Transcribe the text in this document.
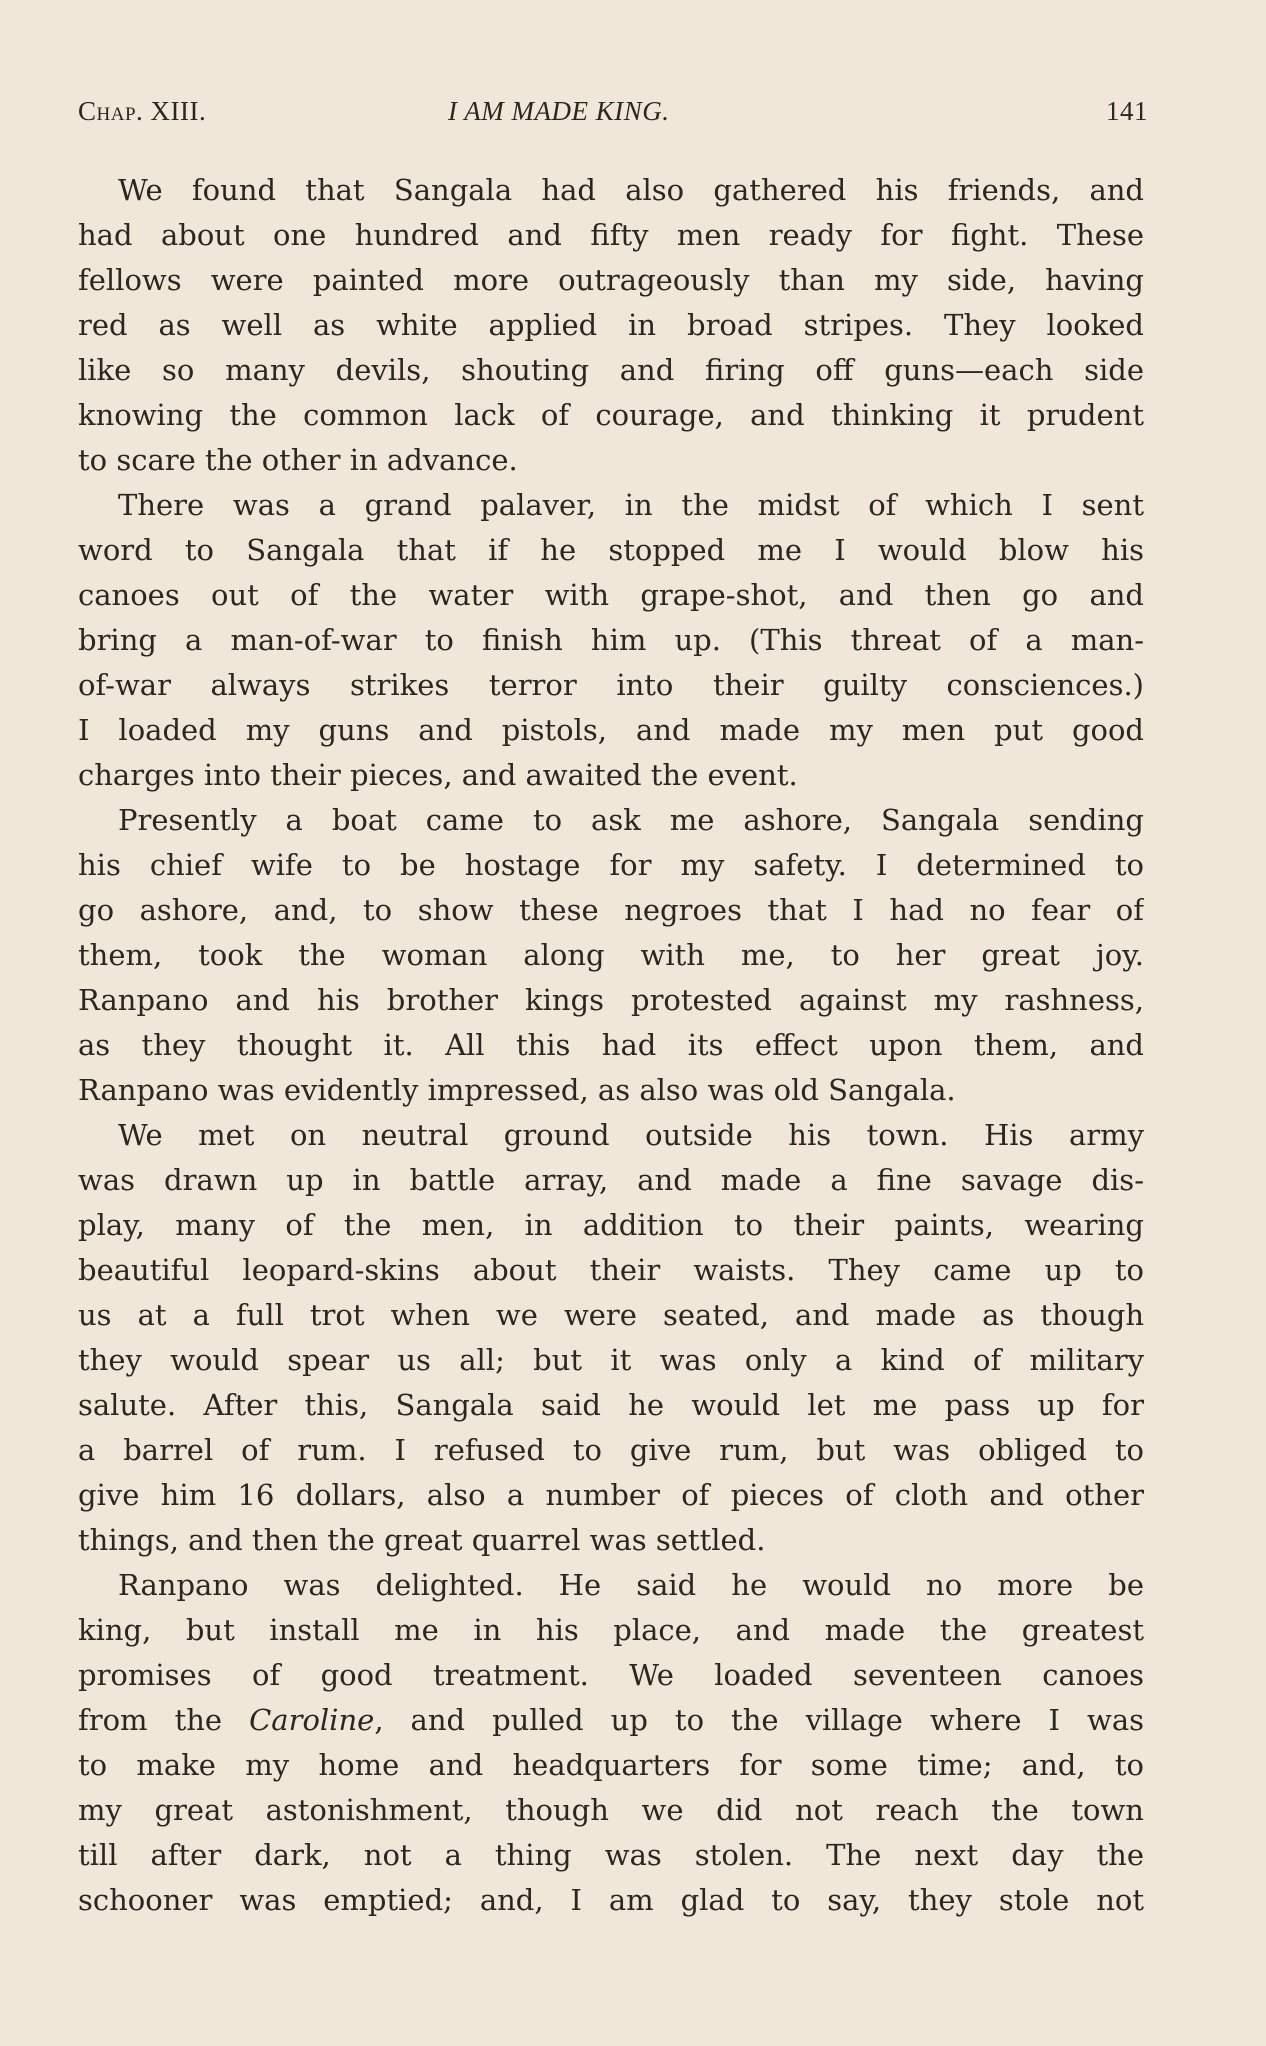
Chap. XIII.	I AM MADE KING.	141
We found that Sangala had also gathered his friends, and
had about one hundred and fifty men ready for fight. These
fellows were painted more outrageously than my side, having
red as well as white applied in broad stripes. They looked
like so many devils, shouting and firing off guns—each side
knowing the common lack of courage, and thinking it prudent
to scare the other in advance.
There was a grand palaver, in the midst of which I sent
word to Sangala that if he stopped me I would blow his
canoes out of the water with grape-shot, and then go and
bring a man-of-war to finish him up. (This threat of a man-
of-war always strikes terror into their guilty consciences.)
I loaded my guns and pistols, and made my men put good
charges into their pieces, and awaited the event.
Presently a boat came to ask me ashore, Sangala sending
his chief wife to be hostage for my safety. I determined to
go ashore, and, to show these negroes that I had no fear of
them, took the woman along with me, to her great joy.
Ranpano and his brother kings protested against my rashness,
as they thought it. All this had its effect upon them, and
Ranpano was evidently impressed, as also was old Sangala.
We met on neutral ground outside his town. His army
was drawn up in battle array, and made a fine savage dis-
play, many of the men, in addition to their paints, wearing
beautiful leopard-skins about their waists. They came up to
us at a full trot when we were seated, and made as though
they would spear us all; but it was only a kind of military
salute. After this, Sangala said he would let me pass up for
a barrel of rum. I refused to give rum, but was obliged to
give him 16 dollars, also a number of pieces of cloth and other
things, and then the great quarrel was settled.
Ranpano was delighted. He said he would no more be
king, but install me in his place, and made the greatest
promises of good treatment. We loaded seventeen canoes
from the Caroline, and pulled up to the village where I was
to make my home and headquarters for some time; and, to
my great astonishment, though we did not reach the town
till after dark, not a thing was stolen. The next day the
schooner was emptied; and, I am glad to say, they stole not
